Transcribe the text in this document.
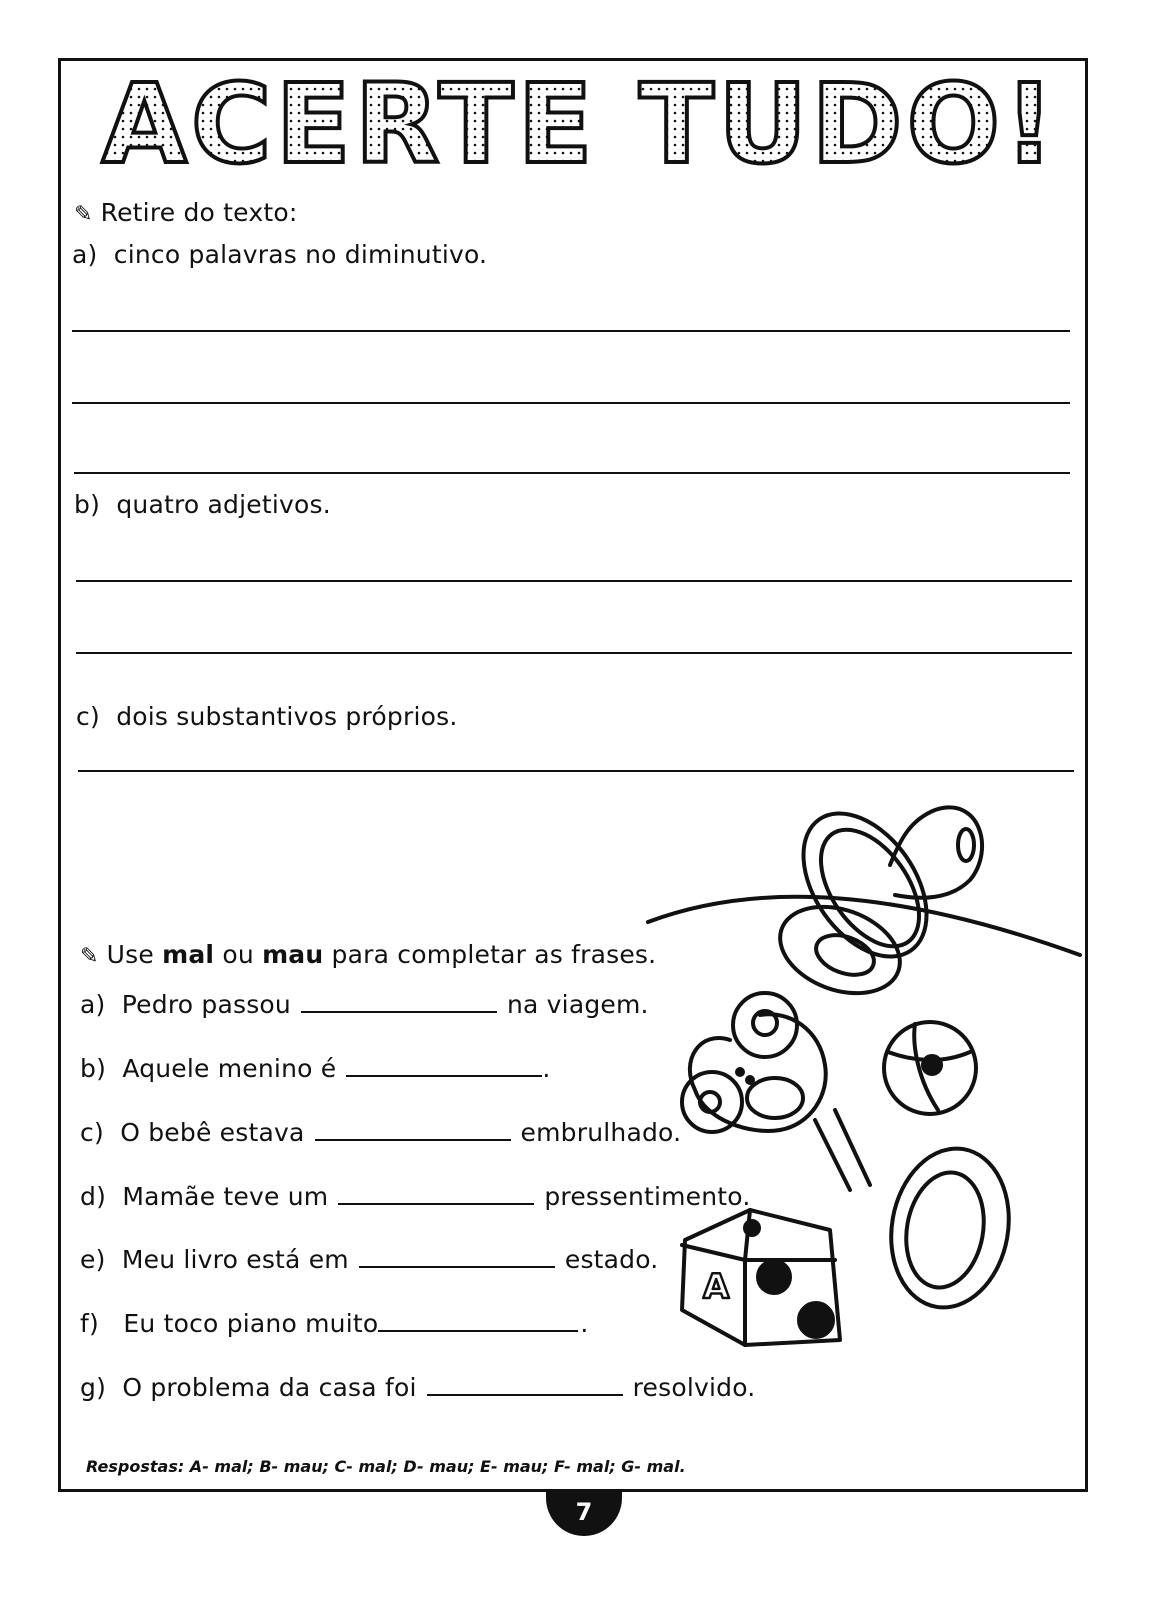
ACERTE TUDO!
✎ Retire do texto:
a) cinco palavras no diminutivo.
b) quatro adjetivos.
c) dois substantivos próprios.
A
✎ Use mal ou mau para completar as frases.
a) Pedro passou	na viagem.
b) Aquele menino é	.
c) O bebê estava	embrulhado.
d) Mamãe teve um	pressentimento.
e) Meu livro está em	estado.
f) Eu toco piano muito	.
g) O problema da casa foi	resolvido.
Respostas: A- mal; B- mau; C- mal; D- mau; E- mau; F- mal; G- mal.
7
